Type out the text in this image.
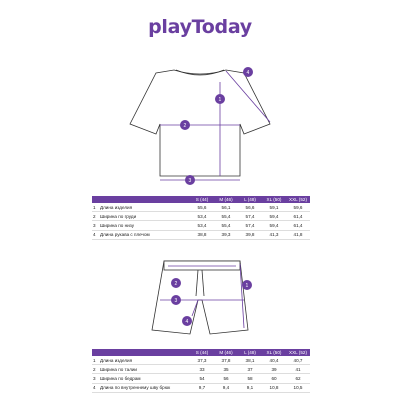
playToday
1
2
3
4
1
2
3
4
		S (44)	M (46)	L (48)	XL (50)	XXL (52)
1	Длина изделия	55,6	56,1	56,6	59,1	59,6
2	Ширина по груди	53,4	55,4	57,4	59,4	61,4
3	Ширина по низу	53,4	55,4	57,4	59,4	61,4
4	Длина рукава с плечом	38,8	39,3	39,8	41,3	41,8
		S (44)	M (46)	L (48)	XL (50)	XXL (52)
1	Длина изделия	37,3	37,8	38,1	40,4	40,7
2	Ширина по талии	33	35	37	39	41
3	Ширина по бедрам	54	56	58	60	62
4	Длина по внутреннему шву брюк	9,7	9,4	9,1	10,8	10,5
